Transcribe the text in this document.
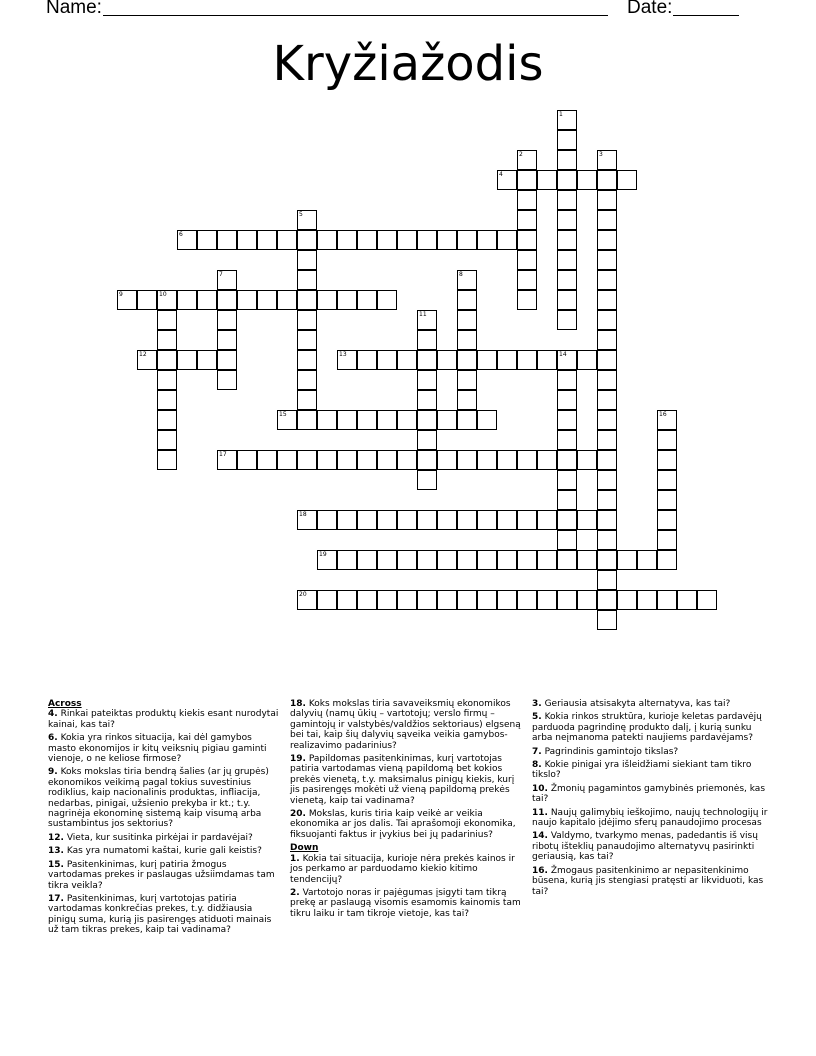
Name:	Date:
Kryžiažodis
1
2	3
4
5
6
7	8
9	10
11
12	13	14
15	16
17
18
19
20

Across

4. Rinkai pateiktas produktų kiekis esant nurodytai kainai, kas tai?

6. Kokia yra rinkos situacija, kai dėl gamybos masto ekonomijos ir kitų veiksnių pigiau gaminti vienoje, o ne keliose firmose?

9. Koks mokslas tiria bendrą šalies (ar jų grupės) ekonomikos veikimą pagal tokius suvestinius rodiklius, kaip nacionalinis produktas, infliacija, nedarbas, pinigai, užsienio prekyba ir kt.; t.y. nagrinėja ekonominę sistemą kaip visumą arba sustambintus jos sektorius?

12. Vieta, kur susitinka pirkėjai ir pardavėjai?

13. Kas yra numatomi kaštai, kurie gali keistis?

15. Pasitenkinimas, kurį patiria žmogus vartodamas prekes ir paslaugas užsiimdamas tam tikra veikla?

17. Pasitenkinimas, kurį vartotojas patiria vartodamas konkrečias prekes, t.y. didžiausia pinigų suma, kurią jis pasirengęs atiduoti mainais už tam tikras prekes, kaip tai vadinama?

18. Koks mokslas tiria savaveiksmių ekonomikos dalyvių (namų ūkių – vartotojų; verslo firmų – gamintojų ir valstybės/valdžios sektoriaus) elgseną bei tai, kaip šių dalyvių sąveika veikia gamybos-realizavimo padarinius?

19. Papildomas pasitenkinimas, kurį vartotojas patiria vartodamas vieną papildomą bet kokios prekės vienetą, t.y. maksimalus pinigų kiekis, kurį jis pasirengęs mokėti už vieną papildomą prekės vienetą, kaip tai vadinama?

20. Mokslas, kuris tiria kaip veikė ar veikia ekonomika ar jos dalis. Tai aprašomoji ekonomika, fiksuojanti faktus ir įvykius bei jų padarinius?

Down

1. Kokia tai situacija, kurioje nėra prekės kainos ir jos perkamo ar parduodamo kiekio kitimo tendencijų?

2. Vartotojo noras ir pajėgumas įsigyti tam tikrą prekę ar paslaugą visomis esamomis kainomis tam tikru laiku ir tam tikroje vietoje, kas tai?

3. Geriausia atsisakyta alternatyva, kas tai?

5. Kokia rinkos struktūra, kurioje keletas pardavėjų parduoda pagrindinę produkto dalį, į kurią sunku arba neįmanoma patekti naujiems pardavėjams?

7. Pagrindinis gamintojo tikslas?

8. Kokie pinigai yra išleidžiami siekiant tam tikro tikslo?

10. Žmonių pagamintos gamybinės priemonės, kas tai?

11. Naujų galimybių ieškojimo, naujų technologijų ir naujo kapitalo įdėjimo sferų panaudojimo procesas

14. Valdymo, tvarkymo menas, padedantis iš visų ribotų išteklių panaudojimo alternatyvų pasirinkti geriausią, kas tai?

16. Žmogaus pasitenkinimo ar nepasitenkinimo būsena, kurią jis stengiasi pratęsti ar likviduoti, kas tai?
